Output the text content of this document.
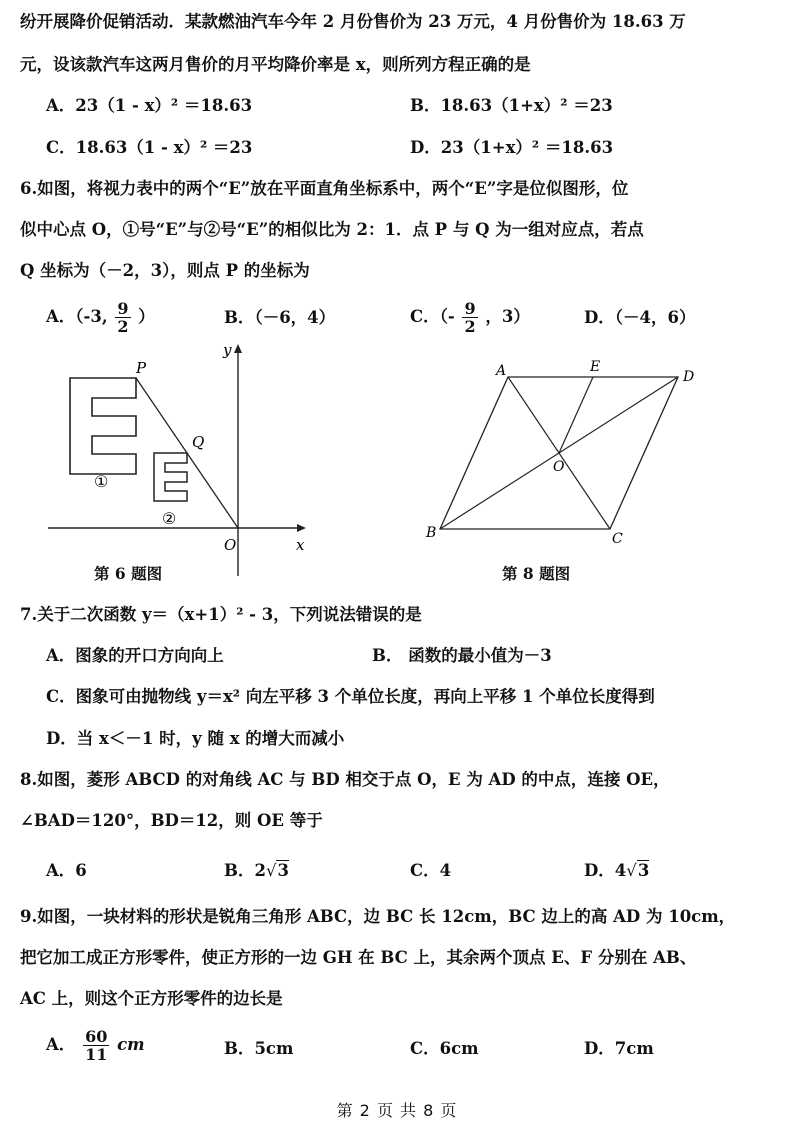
纷开展降价促销活动．某款燃油汽车今年 2 月份售价为 23 万元，4 月份售价为 18.63 万
元，设该款汽车这两月售价的月平均降价率是 x，则所列方程正确的是
A．23（1 - x）² ＝18.63	B．18.63（1+x）² ＝23
C．18.63（1 - x）² ＝23	D．23（1+x）² ＝18.63
6.如图，将视力表中的两个“E”放在平面直角坐标系中，两个“E”字是位似图形，位
似中心点 O，①号“E”与②号“E”的相似比为 2：1．点 P 与 Q 为一组对应点，若点
Q 坐标为（－2，3），则点 P 的坐标为
A．（-3, $\frac{9}{2}$ ）	B．（－6，4）	C．（- $\frac{9}{2}$ ，3）	D．（－4，6）
y
x
O
P
Q
①
②
第 6 题图
A	E
D
O
B	C
第 8 题图
7.关于二次函数 y＝（x+1）² - 3，下列说法错误的是
A．图象的开口方向向上	B． 函数的最小值为－3
C．图象可由抛物线 y＝x² 向左平移 3 个单位长度，再向上平移 1 个单位长度得到
D．当 x＜－1 时，y 随 x 的增大而减小
8.如图，菱形 ABCD 的对角线 AC 与 BD 相交于点 O，E 为 AD 的中点，连接 OE，
∠BAD＝120°，BD＝12，则 OE 等于
A．6	B．2√3	C．4	D．4√3
9.如图，一块材料的形状是锐角三角形 ABC，边 BC 长 12cm，BC 边上的高 AD 为 10cm，
把它加工成正方形零件，使正方形的一边 GH 在 BC 上，其余两个顶点 E、F 分别在 AB、
AC 上，则这个正方形零件的边长是
A． $\frac{60}{11}$ cm	B．5cm	C．6cm	D．7cm
第 2 页 共 8 页
